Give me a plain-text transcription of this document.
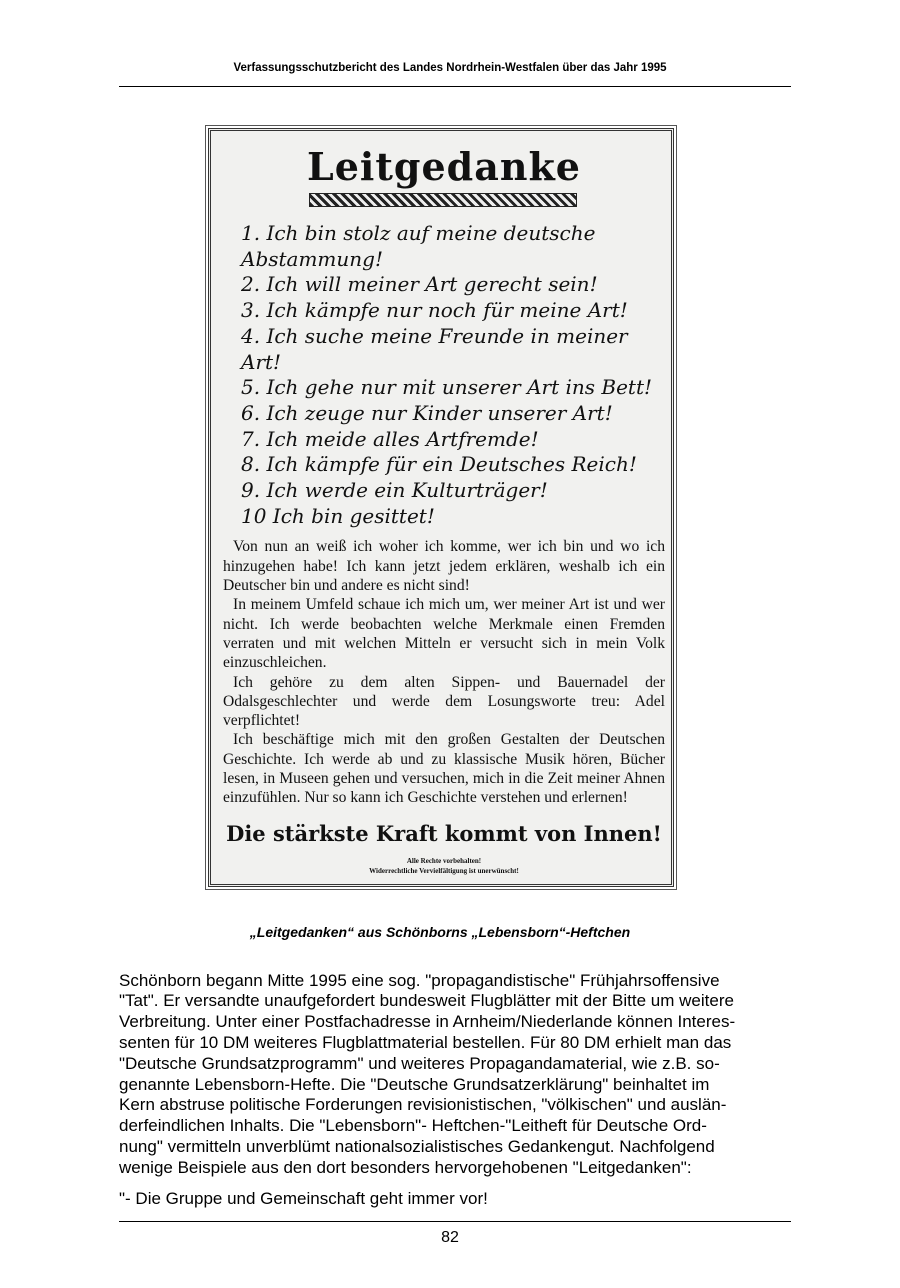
Verfassungsschutzbericht des Landes Nordrhein-Westfalen über das Jahr 1995
Leitgedanke
1. Ich bin stolz auf meine deutsche Abstammung!
2. Ich will meiner Art gerecht sein!
3. Ich kämpfe nur noch für meine Art!
4. Ich suche meine Freunde in meiner Art!
5. Ich gehe nur mit unserer Art ins Bett!
6. Ich zeuge nur Kinder unserer Art!
7. Ich meide alles Artfremde!
8. Ich kämpfe für ein Deutsches Reich!
9. Ich werde ein Kulturträger!
10 Ich bin gesittet!

Von nun an weiß ich woher ich komme, wer ich bin und wo ich hinzugehen habe! Ich kann jetzt jedem erklären, weshalb ich ein Deutscher bin und andere es nicht sind!

In meinem Umfeld schaue ich mich um, wer meiner Art ist und wer nicht. Ich werde beobachten welche Merkmale einen Fremden verraten und mit welchen Mitteln er versucht sich in mein Volk einzuschleichen.

Ich gehöre zu dem alten Sippen- und Bauernadel der Odalsgeschlechter und werde dem Losungsworte treu: Adel verpflichtet!

Ich beschäftige mich mit den großen Gestalten der Deutschen Geschichte. Ich werde ab und zu klassische Musik hören, Bücher lesen, in Museen gehen und versuchen, mich in die Zeit meiner Ahnen einzufühlen. Nur so kann ich Geschichte verstehen und erlernen!

Die stärkste Kraft kommt von Innen!
Alle Rechte vorbehalten!
Widerrechtliche Vervielfältigung ist unerwünscht!
„Leitgedanken“ aus Schönborns „Lebensborn“-Heftchen
Schönborn begann Mitte 1995 eine sog. "propagandistische" Frühjahrsoffensive
"Tat". Er versandte unaufgefordert bundesweit Flugblätter mit der Bitte um weitere
Verbreitung. Unter einer Postfachadresse in Arnheim/Niederlande können Interes-
senten für 10 DM weiteres Flugblattmaterial bestellen. Für 80 DM erhielt man das
"Deutsche Grundsatzprogramm" und weiteres Propagandamaterial, wie z.B. so-
genannte Lebensborn-Hefte. Die "Deutsche Grundsatzerklärung" beinhaltet im
Kern abstruse politische Forderungen revisionistischen, "völkischen" und auslän-
derfeindlichen Inhalts. Die "Lebensborn"- Heftchen-"Leitheft für Deutsche Ord-
nung" vermitteln unverblümt nationalsozialistisches Gedankengut. Nachfolgend
wenige Beispiele aus den dort besonders hervorgehobenen "Leitgedanken":
"- Die Gruppe und Gemeinschaft geht immer vor!
82
